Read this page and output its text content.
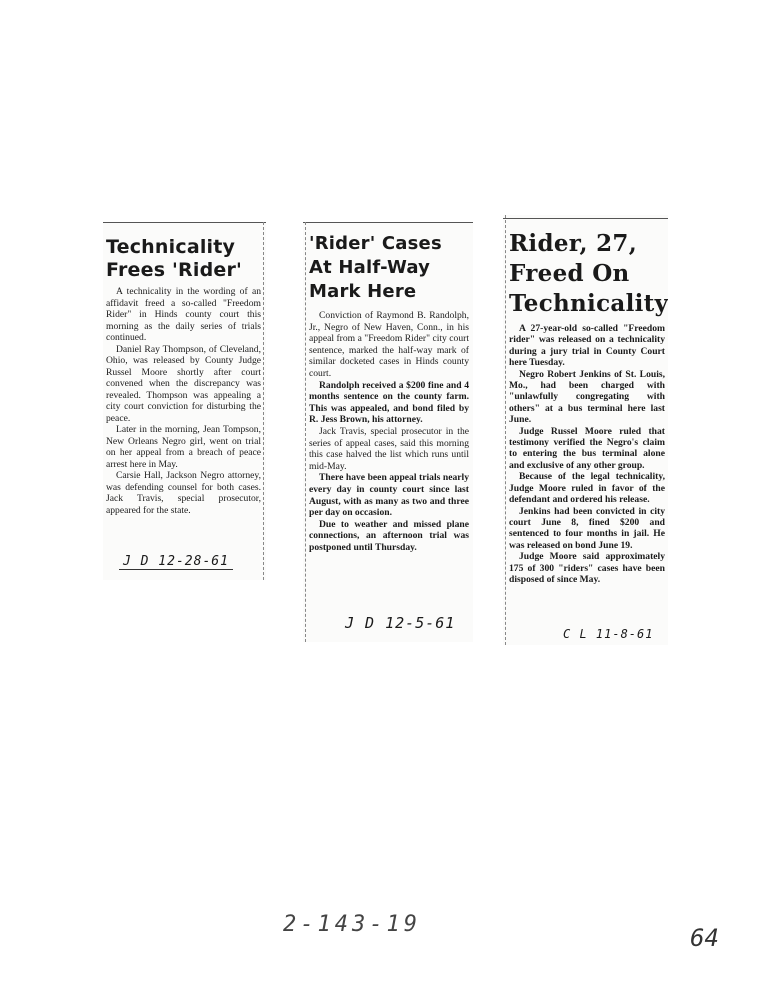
Technicality
Frees 'Rider'

A technicality in the wording of an affidavit freed a so-called "Freedom Rider" in Hinds county court this morning as the daily series of trials continued.

Daniel Ray Thompson, of Cleveland, Ohio, was released by County Judge Russel Moore shortly after court convened when the discrepancy was revealed. Thompson was appealing a city court conviction for disturbing the peace.

Later in the morning, Jean Tompson, New Orleans Negro girl, went on trial on her appeal from a breach of peace arrest here in May.

Carsie Hall, Jackson Negro attorney, was defending counsel for both cases. Jack Travis, special prosecutor, appeared for the state.

J D 12-28-61
'Rider' Cases
At Half-Way
Mark Here

Conviction of Raymond B. Randolph, Jr., Negro of New Haven, Conn., in his appeal from a "Freedom Rider" city court sentence, marked the half-way mark of similar docketed cases in Hinds county court.

Randolph received a $200 fine and 4 months sentence on the county farm. This was appealed, and bond filed by R. Jess Brown, his attorney.

Jack Travis, special prosecutor in the series of appeal cases, said this morning this case halved the list which runs until mid-May.

There have been appeal trials nearly every day in county court since last August, with as many as two and three per day on occasion.

Due to weather and missed plane connections, an afternoon trial was postponed until Thursday.

J D 12-5-61
Rider, 27,
Freed On
Technicality

A 27-year-old so-called "Freedom rider" was released on a technicality during a jury trial in County Court here Tuesday.

Negro Robert Jenkins of St. Louis, Mo., had been charged with "unlawfully congregating with others" at a bus terminal here last June.

Judge Russel Moore ruled that testimony verified the Negro's claim to entering the bus terminal alone and exclusive of any other group.

Because of the legal technicality, Judge Moore ruled in favor of the defendant and ordered his release.

Jenkins had been convicted in city court June 8, fined $200 and sentenced to four months in jail. He was released on bond June 19.

Judge Moore said approximately 175 of 300 "riders" cases have been disposed of since May.

C L 11-8-61
2-143-19	64
